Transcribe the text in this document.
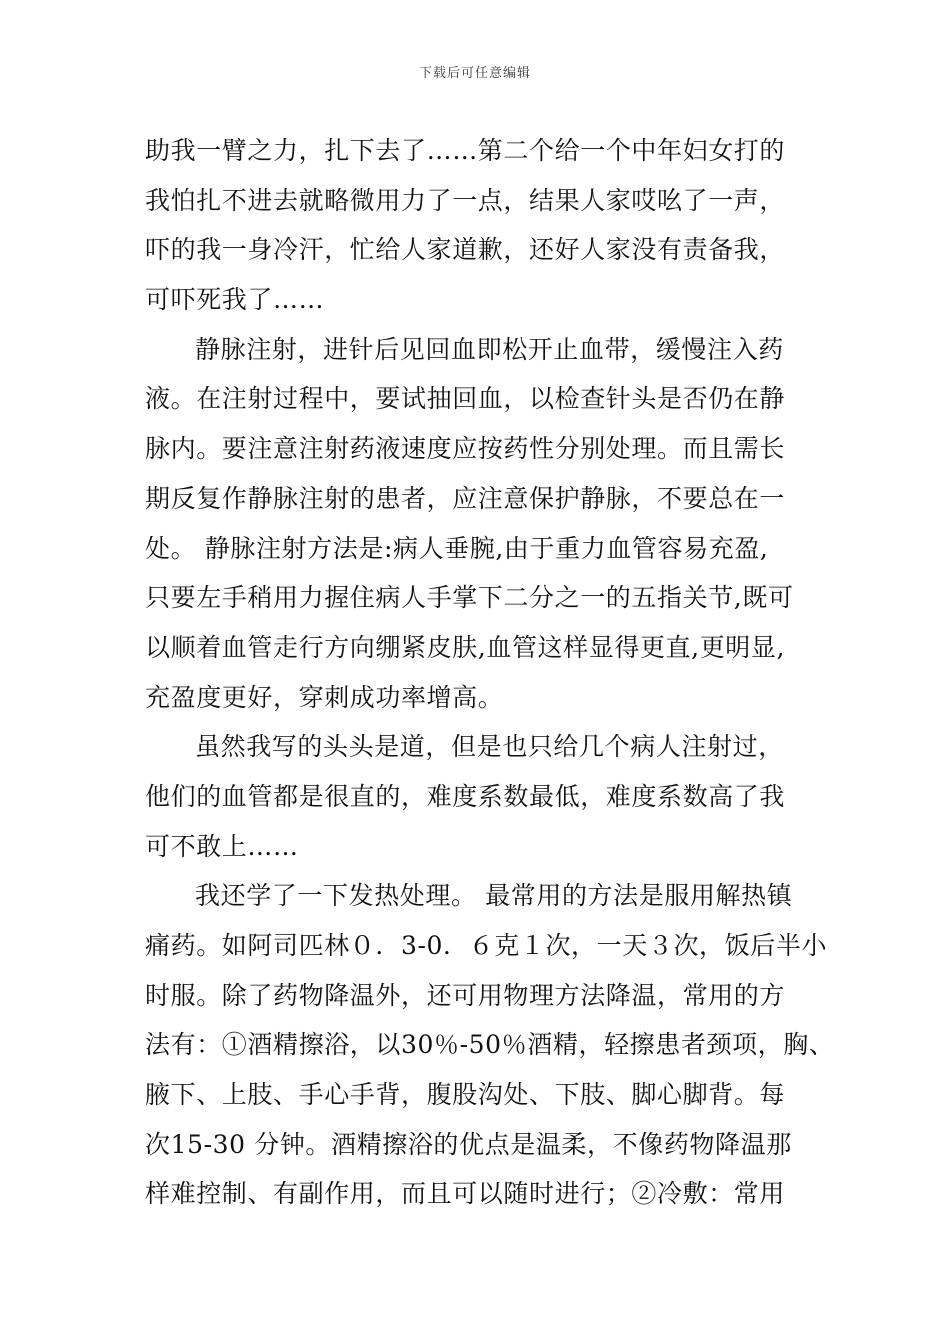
下载后可任意编辑
助我一臂之力，扎下去了……第二个给一个中年妇女打的
我怕扎不进去就略微用力了一点，结果人家哎吆了一声，
吓的我一身冷汗，忙给人家道歉，还好人家没有责备我，
可吓死我了……
静脉注射，进针后见回血即松开止血带，缓慢注入药
液。在注射过程中，要试抽回血，以检查针头是否仍在静
脉内。要注意注射药液速度应按药性分别处理。而且需长
期反复作静脉注射的患者，应注意保护静脉，不要总在一
处。 静脉注射方法是:病人垂腕,由于重力血管容易充盈,
只要左手稍用力握住病人手掌下二分之一的五指关节,既可
以顺着血管走行方向绷紧皮肤,血管这样显得更直,更明显,
充盈度更好，穿刺成功率增高。
虽然我写的头头是道，但是也只给几个病人注射过，
他们的血管都是很直的，难度系数最低，难度系数高了我
可不敢上……
我还学了一下发热处理。 最常用的方法是服用解热镇
痛药。如阿司匹林０．3-0．６克１次，一天３次，饭后半小
时服。除了药物降温外，还可用物理方法降温，常用的方
法有：①酒精擦浴，以30％-50％酒精，轻擦患者颈项，胸、
腋下、上肢、手心手背，腹股沟处、下肢、脚心脚背。每
次15-30 分钟。酒精擦浴的优点是温柔，不像药物降温那
样难控制、有副作用，而且可以随时进行；②冷敷：常用
